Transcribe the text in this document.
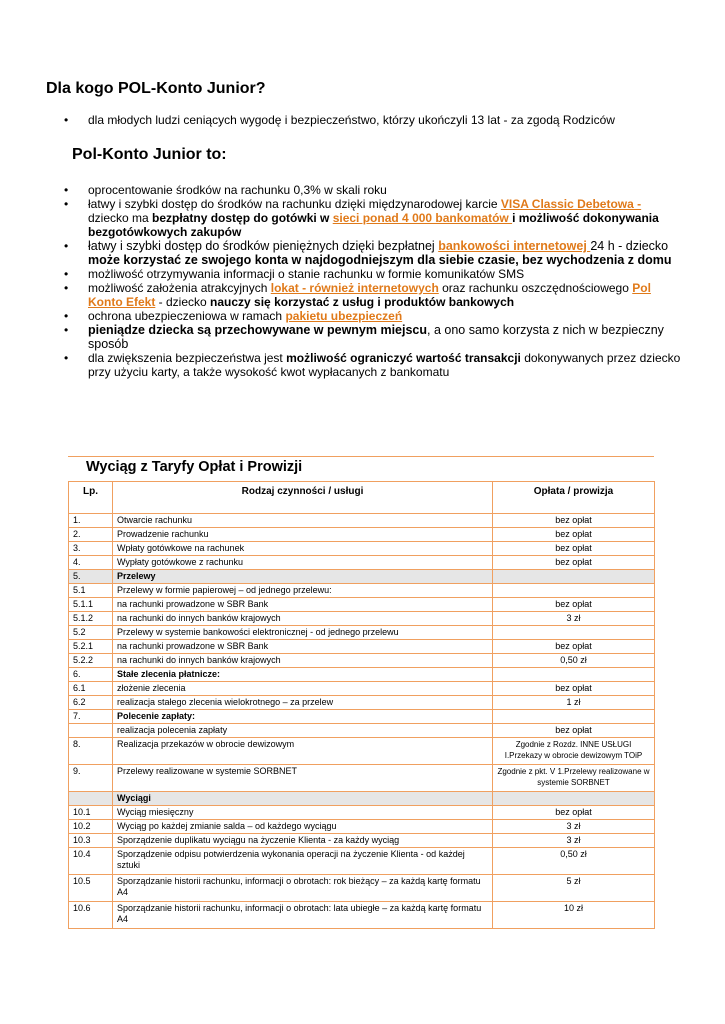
Dla kogo POL-Konto Junior?
• dla młodych ludzi ceniących wygodę i bezpieczeństwo, którzy ukończyli 13 lat - za zgodą Rodziców
Pol-Konto Junior to:
• oprocentowanie środków na rachunku 0,3% w skali roku
• łatwy i szybki dostęp do środków na rachunku dzięki międzynarodowej karcie VISA Classic Debetowa - dziecko ma bezpłatny dostęp do gotówki w sieci ponad 4 000 bankomatów i możliwość dokonywania bezgotówkowych zakupów
• łatwy i szybki dostęp do środków pieniężnych dzięki bezpłatnej bankowości internetowej 24 h - dziecko może korzystać ze swojego konta w najdogodniejszym dla siebie czasie, bez wychodzenia z domu
• możliwość otrzymywania informacji o stanie rachunku w formie komunikatów SMS
• możliwość założenia atrakcyjnych lokat - również internetowych oraz rachunku oszczędnościowego Pol Konto Efekt - dziecko nauczy się korzystać z usług i produktów bankowych
• ochrona ubezpieczeniowa w ramach pakietu ubezpieczeń
• pieniądze dziecka są przechowywane w pewnym miejscu, a ono samo korzysta z nich w bezpieczny sposób
• dla zwiększenia bezpieczeństwa jest możliwość ograniczyć wartość transakcji dokonywanych przez dziecko przy użyciu karty, a także wysokość kwot wypłacanych z bankomatu
Wyciąg z Taryfy Opłat i Prowizji
Lp.	Rodzaj czynności / usługi	Opłata / prowizja
1.	Otwarcie rachunku	bez opłat
2.	Prowadzenie rachunku	bez opłat
3.	Wpłaty gotówkowe na rachunek	bez opłat
4.	Wypłaty gotówkowe z rachunku	bez opłat
5.	Przelewy	
5.1	Przelewy w formie papierowej – od jednego przelewu:	
5.1.1	na rachunki prowadzone w SBR Bank	bez opłat
5.1.2	na rachunki do innych banków krajowych	3 zł
5.2	Przelewy w systemie bankowości elektronicznej - od jednego przelewu	
5.2.1	na rachunki prowadzone w SBR Bank	bez opłat
5.2.2	na rachunki do innych banków krajowych	0,50 zł
6.	Stałe zlecenia płatnicze:	
6.1	złożenie zlecenia	bez opłat
6.2	realizacja stałego zlecenia wielokrotnego – za przelew	1 zł
7.	Polecenie zapłaty:	
	realizacja polecenia zapłaty	bez opłat
8.	Realizacja przekazów w obrocie dewizowym	Zgodnie z Rozdz. INNE USŁUGI I.Przekazy w obrocie dewizowym TOiP
9.	Przelewy realizowane w systemie SORBNET	Zgodnie z pkt. V 1.Przelewy realizowane w systemie SORBNET
	Wyciągi	
10.1	Wyciąg miesięczny	bez opłat
10.2	Wyciąg po każdej zmianie salda – od każdego wyciągu	3 zł
10.3	Sporządzenie duplikatu wyciągu na życzenie Klienta - za każdy wyciąg	3 zł
10.4	Sporządzenie odpisu potwierdzenia wykonania operacji na życzenie Klienta - od każdej sztuki	0,50 zł
10.5	Sporządzanie historii rachunku, informacji o obrotach: rok bieżący – za każdą kartę formatu A4	5 zł
10.6	Sporządzanie historii rachunku, informacji o obrotach: lata ubiegłe – za każdą kartę formatu A4	10 zł
